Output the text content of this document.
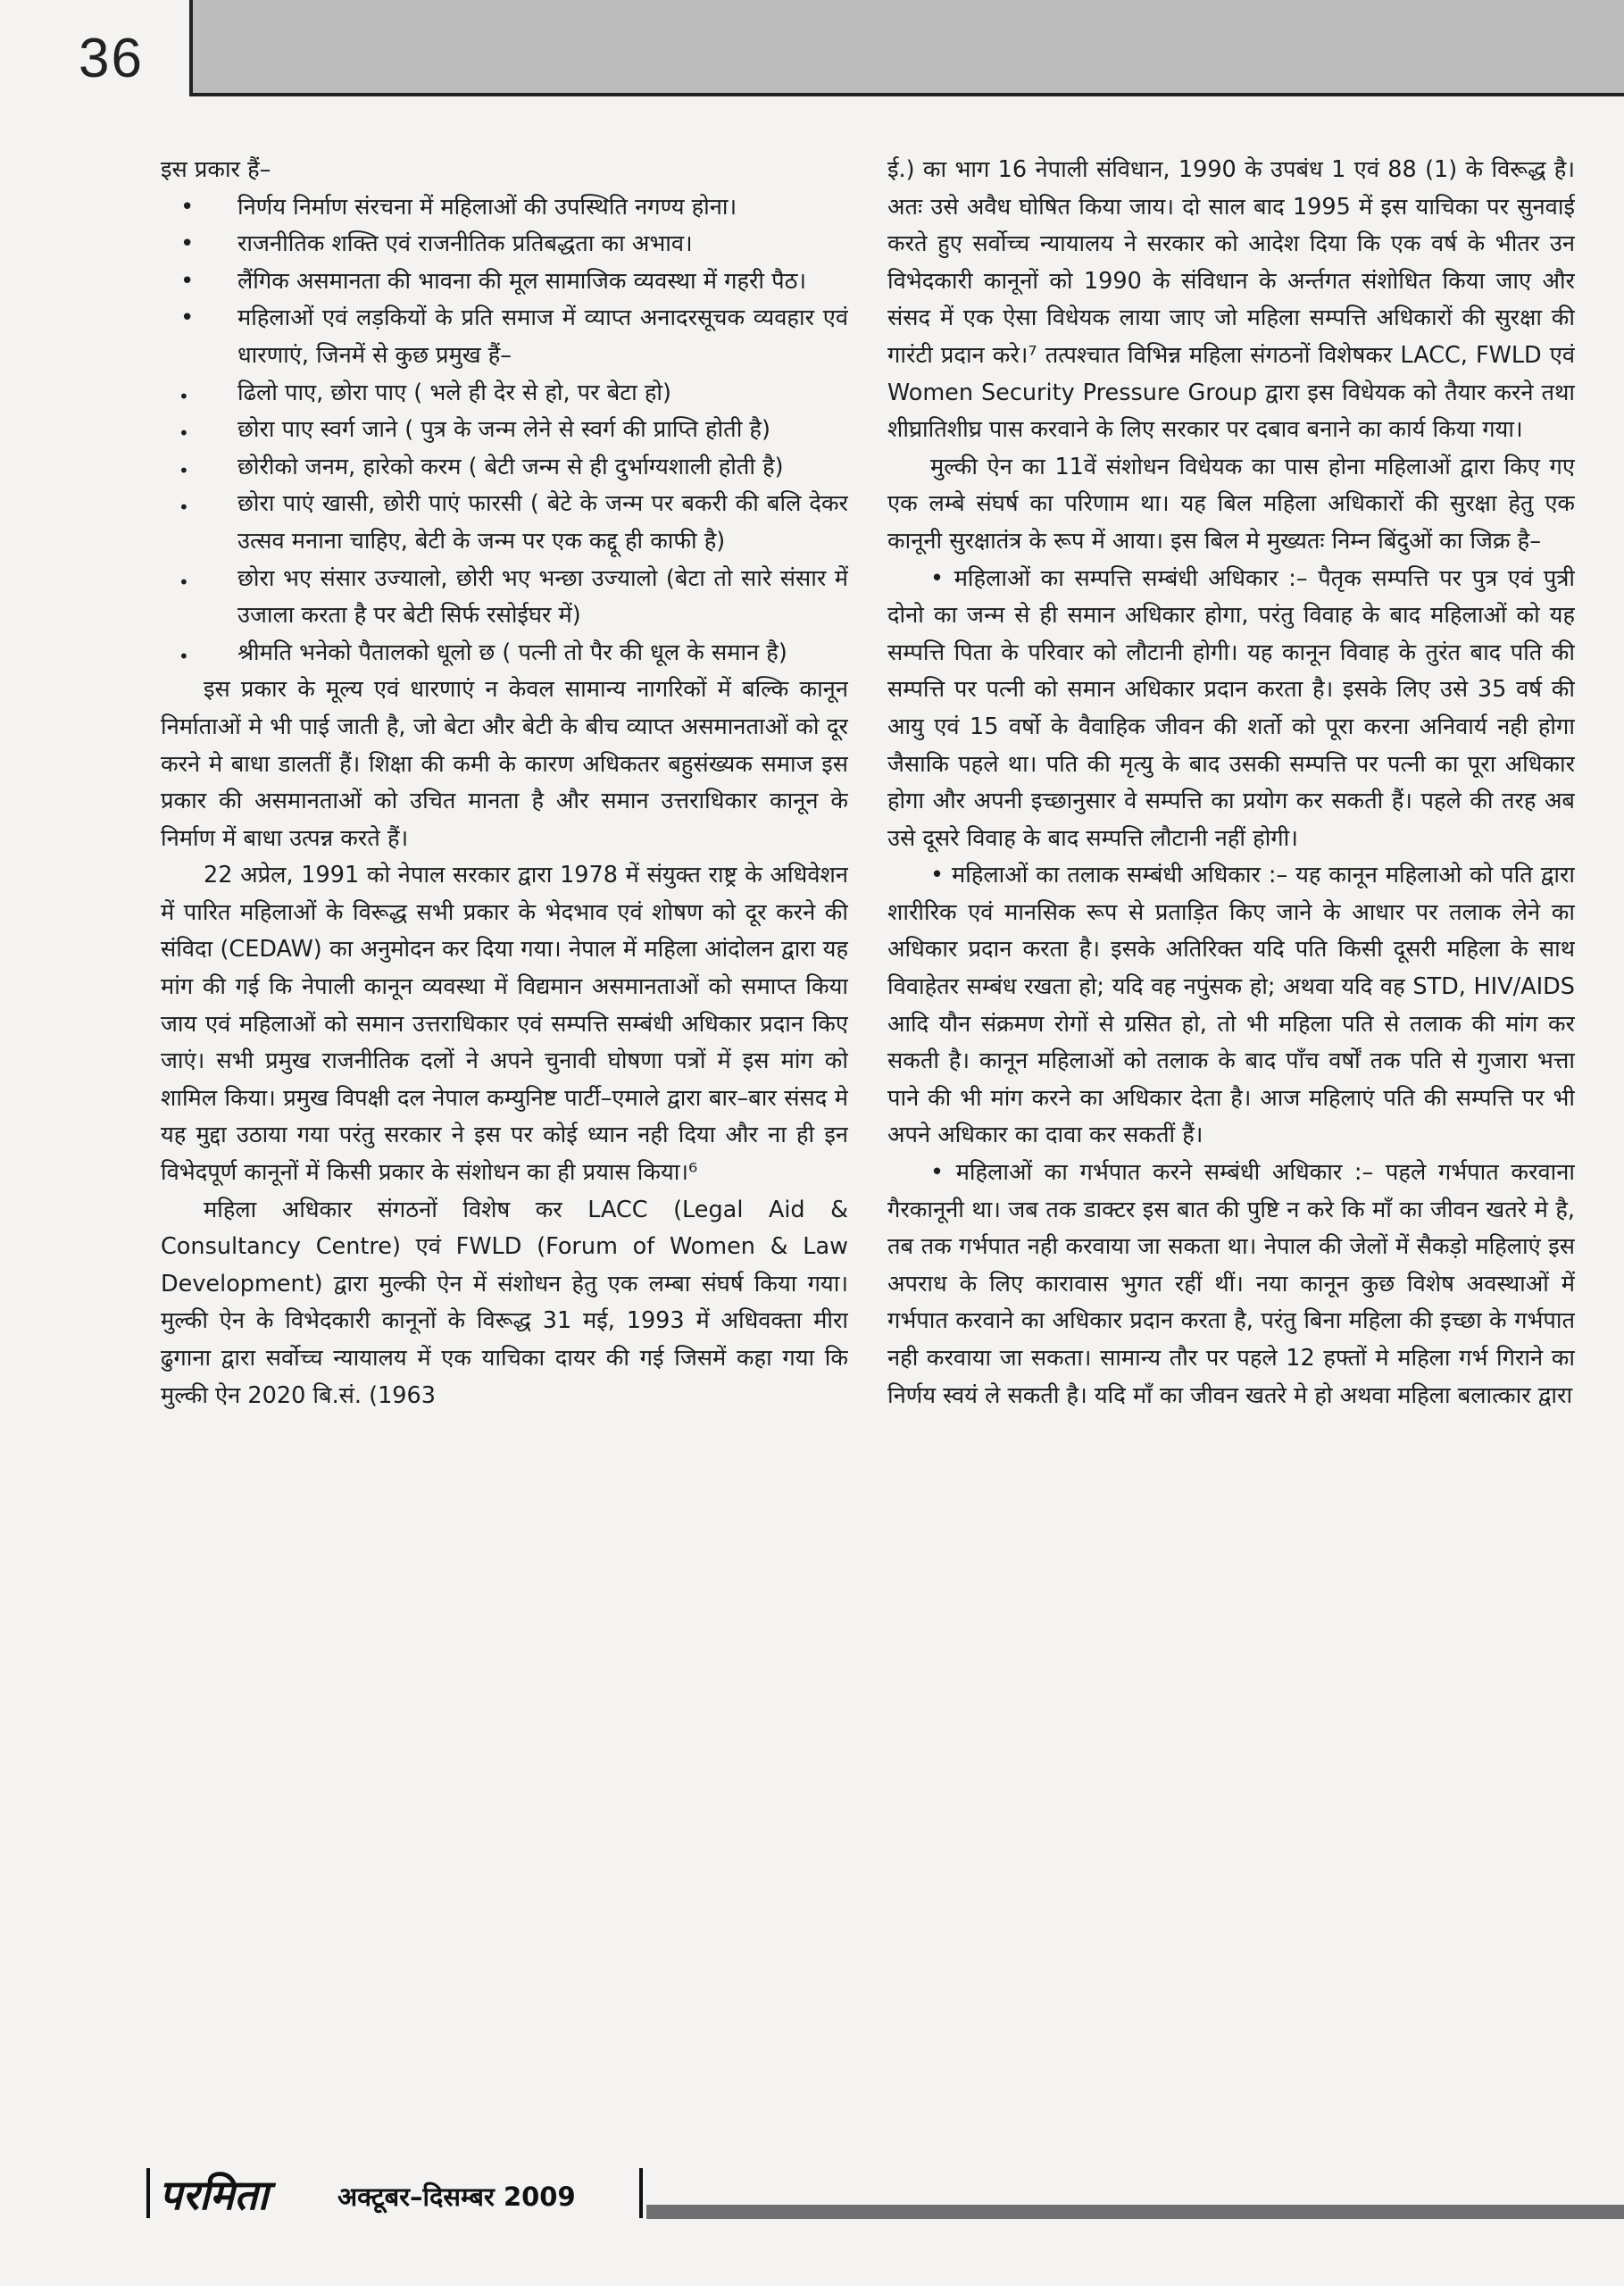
36

इस प्रकार हैं–

• निर्णय निर्माण संरचना में महिलाओं की उपस्थिति नगण्य होना।
• राजनीतिक शक्ति एवं राजनीतिक प्रतिबद्धता का अभाव।
• लैंगिक असमानता की भावना की मूल सामाजिक व्यवस्था में गहरी पैठ।
• महिलाओं एवं लड़कियों के प्रति समाज में व्याप्त अनादरसूचक व्यवहार एवं धारणाएं, जिनमें से कुछ प्रमुख हैं–
• ढिलो पाए, छोरा पाए ( भले ही देर से हो, पर बेटा हो)
• छोरा पाए स्वर्ग जाने ( पुत्र के जन्म लेने से स्वर्ग की प्राप्ति होती है)
• छोरीको जनम, हारेको करम ( बेटी जन्म से ही दुर्भाग्यशाली होती है)
• छोरा पाएं खासी, छोरी पाएं फारसी ( बेटे के जन्म पर बकरी की बलि देकर उत्सव मनाना चाहिए, बेटी के जन्म पर एक कद्दू ही काफी है)
• छोरा भए संसार उज्यालो, छोरी भए भन्छा उज्यालो (बेटा तो सारे संसार में उजाला करता है पर बेटी सिर्फ रसोईघर में)
• श्रीमति भनेको पैतालको धूलो छ ( पत्नी तो पैर की धूल के समान है)

इस प्रकार के मूल्य एवं धारणाएं न केवल सामान्य नागरिकों में बल्कि कानून निर्माताओं मे भी पाई जाती है, जो बेटा और बेटी के बीच व्याप्त असमानताओं को दूर करने मे बाधा डालतीं हैं। शिक्षा की कमी के कारण अधिकतर बहुसंख्यक समाज इस प्रकार की असमानताओं को उचित मानता है और समान उत्तराधिकार कानून के निर्माण में बाधा उत्पन्न करते हैं।

22 अप्रेल, 1991 को नेपाल सरकार द्वारा 1978 में संयुक्त राष्ट्र के अधिवेशन में पारित महिलाओं के विरूद्ध सभी प्रकार के भेदभाव एवं शोषण को दूर करने की संविदा (CEDAW) का अनुमोदन कर दिया गया। नेपाल में महिला आंदोलन द्वारा यह मांग की गई कि नेपाली कानून व्यवस्था में विद्यमान असमानताओं को समाप्त किया जाय एवं महिलाओं को समान उत्तराधिकार एवं सम्पत्ति सम्बंधी अधिकार प्रदान किए जाएं। सभी प्रमुख राजनीतिक दलों ने अपने चुनावी घोषणा पत्रों में इस मांग को शामिल किया। प्रमुख विपक्षी दल नेपाल कम्युनिष्ट पार्टी–एमाले द्वारा बार–बार संसद मे यह मुद्दा उठाया गया परंतु सरकार ने इस पर कोई ध्यान नही दिया और ना ही इन विभेदपूर्ण कानूनों में किसी प्रकार के संशोधन का ही प्रयास किया।⁶

महिला अधिकार संगठनों विशेष कर LACC (Legal Aid & Consultancy Centre) एवं FWLD (Forum of Women & Law Development) द्वारा मुल्की ऐन में संशोधन हेतु एक लम्बा संघर्ष किया गया। मुल्की ऐन के विभेदकारी कानूनों के विरूद्ध 31 मई, 1993 में अधिवक्ता मीरा ढुगाना द्वारा सर्वोच्च न्यायालय में एक याचिका दायर की गई जिसमें कहा गया कि मुल्की ऐन 2020 बि.सं. (1963

ई.) का भाग 16 नेपाली संविधान, 1990 के उपबंध 1 एवं 88 (1) के विरूद्ध है। अतः उसे अवैध घोषित किया जाय। दो साल बाद 1995 में इस याचिका पर सुनवाई करते हुए सर्वोच्च न्यायालय ने सरकार को आदेश दिया कि एक वर्ष के भीतर उन विभेदकारी कानूनों को 1990 के संविधान के अर्न्तगत संशोधित किया जाए और संसद में एक ऐसा विधेयक लाया जाए जो महिला सम्पत्ति अधिकारों की सुरक्षा की गारंटी प्रदान करे।⁷ तत्पश्चात विभिन्न महिला संगठनों विशेषकर LACC, FWLD एवं Women Security Pressure Group द्वारा इस विधेयक को तैयार करने तथा शीघ्रातिशीघ्र पास करवाने के लिए सरकार पर दबाव बनाने का कार्य किया गया।

मुल्की ऐन का 11वें संशोधन विधेयक का पास होना महिलाओं द्वारा किए गए एक लम्बे संघर्ष का परिणाम था। यह बिल महिला अधिकारों की सुरक्षा हेतु एक कानूनी सुरक्षातंत्र के रूप में आया। इस बिल मे मुख्यतः निम्न बिंदुओं का जिक्र है–

• महिलाओं का सम्पत्ति सम्बंधी अधिकार :– पैतृक सम्पत्ति पर पुत्र एवं पुत्री दोनो का जन्म से ही समान अधिकार होगा, परंतु विवाह के बाद महिलाओं को यह सम्पत्ति पिता के परिवार को लौटानी होगी। यह कानून विवाह के तुरंत बाद पति की सम्पत्ति पर पत्नी को समान अधिकार प्रदान करता है। इसके लिए उसे 35 वर्ष की आयु एवं 15 वर्षो के वैवाहिक जीवन की शर्तो को पूरा करना अनिवार्य नही होगा जैसाकि पहले था। पति की मृत्यु के बाद उसकी सम्पत्ति पर पत्नी का पूरा अधिकार होगा और अपनी इच्छानुसार वे सम्पत्ति का प्रयोग कर सकती हैं। पहले की तरह अब उसे दूसरे विवाह के बाद सम्पत्ति लौटानी नहीं होगी।

• महिलाओं का तलाक सम्बंधी अधिकार :– यह कानून महिलाओ को पति द्वारा शारीरिक एवं मानसिक रूप से प्रताड़ित किए जाने के आधार पर तलाक लेने का अधिकार प्रदान करता है। इसके अतिरिक्त यदि पति किसी दूसरी महिला के साथ विवाहेतर सम्बंध रखता हो; यदि वह नपुंसक हो; अथवा यदि वह STD, HIV/AIDS आदि यौन संक्रमण रोगों से ग्रसित हो, तो भी महिला पति से तलाक की मांग कर सकती है। कानून महिलाओं को तलाक के बाद पाँच वर्षों तक पति से गुजारा भत्ता पाने की भी मांग करने का अधिकार देता है। आज महिलाएं पति की सम्पत्ति पर भी अपने अधिकार का दावा कर सकतीं हैं।

• महिलाओं का गर्भपात करने सम्बंधी अधिकार :– पहले गर्भपात करवाना गैरकानूनी था। जब तक डाक्टर इस बात की पुष्टि न करे कि माँ का जीवन खतरे मे है, तब तक गर्भपात नही करवाया जा सकता था। नेपाल की जेलों में सैकड़ो महिलाएं इस अपराध के लिए कारावास भुगत रहीं थीं। नया कानून कुछ विशेष अवस्थाओं में गर्भपात करवाने का अधिकार प्रदान करता है, परंतु बिना महिला की इच्छा के गर्भपात नही करवाया जा सकता। सामान्य तौर पर पहले 12 हफ्तों मे महिला गर्भ गिराने का निर्णय स्वयं ले सकती है। यदि माँ का जीवन खतरे मे हो अथवा महिला बलात्कार द्वारा

परमिता	अक्टूबर–दिसम्बर 2009
